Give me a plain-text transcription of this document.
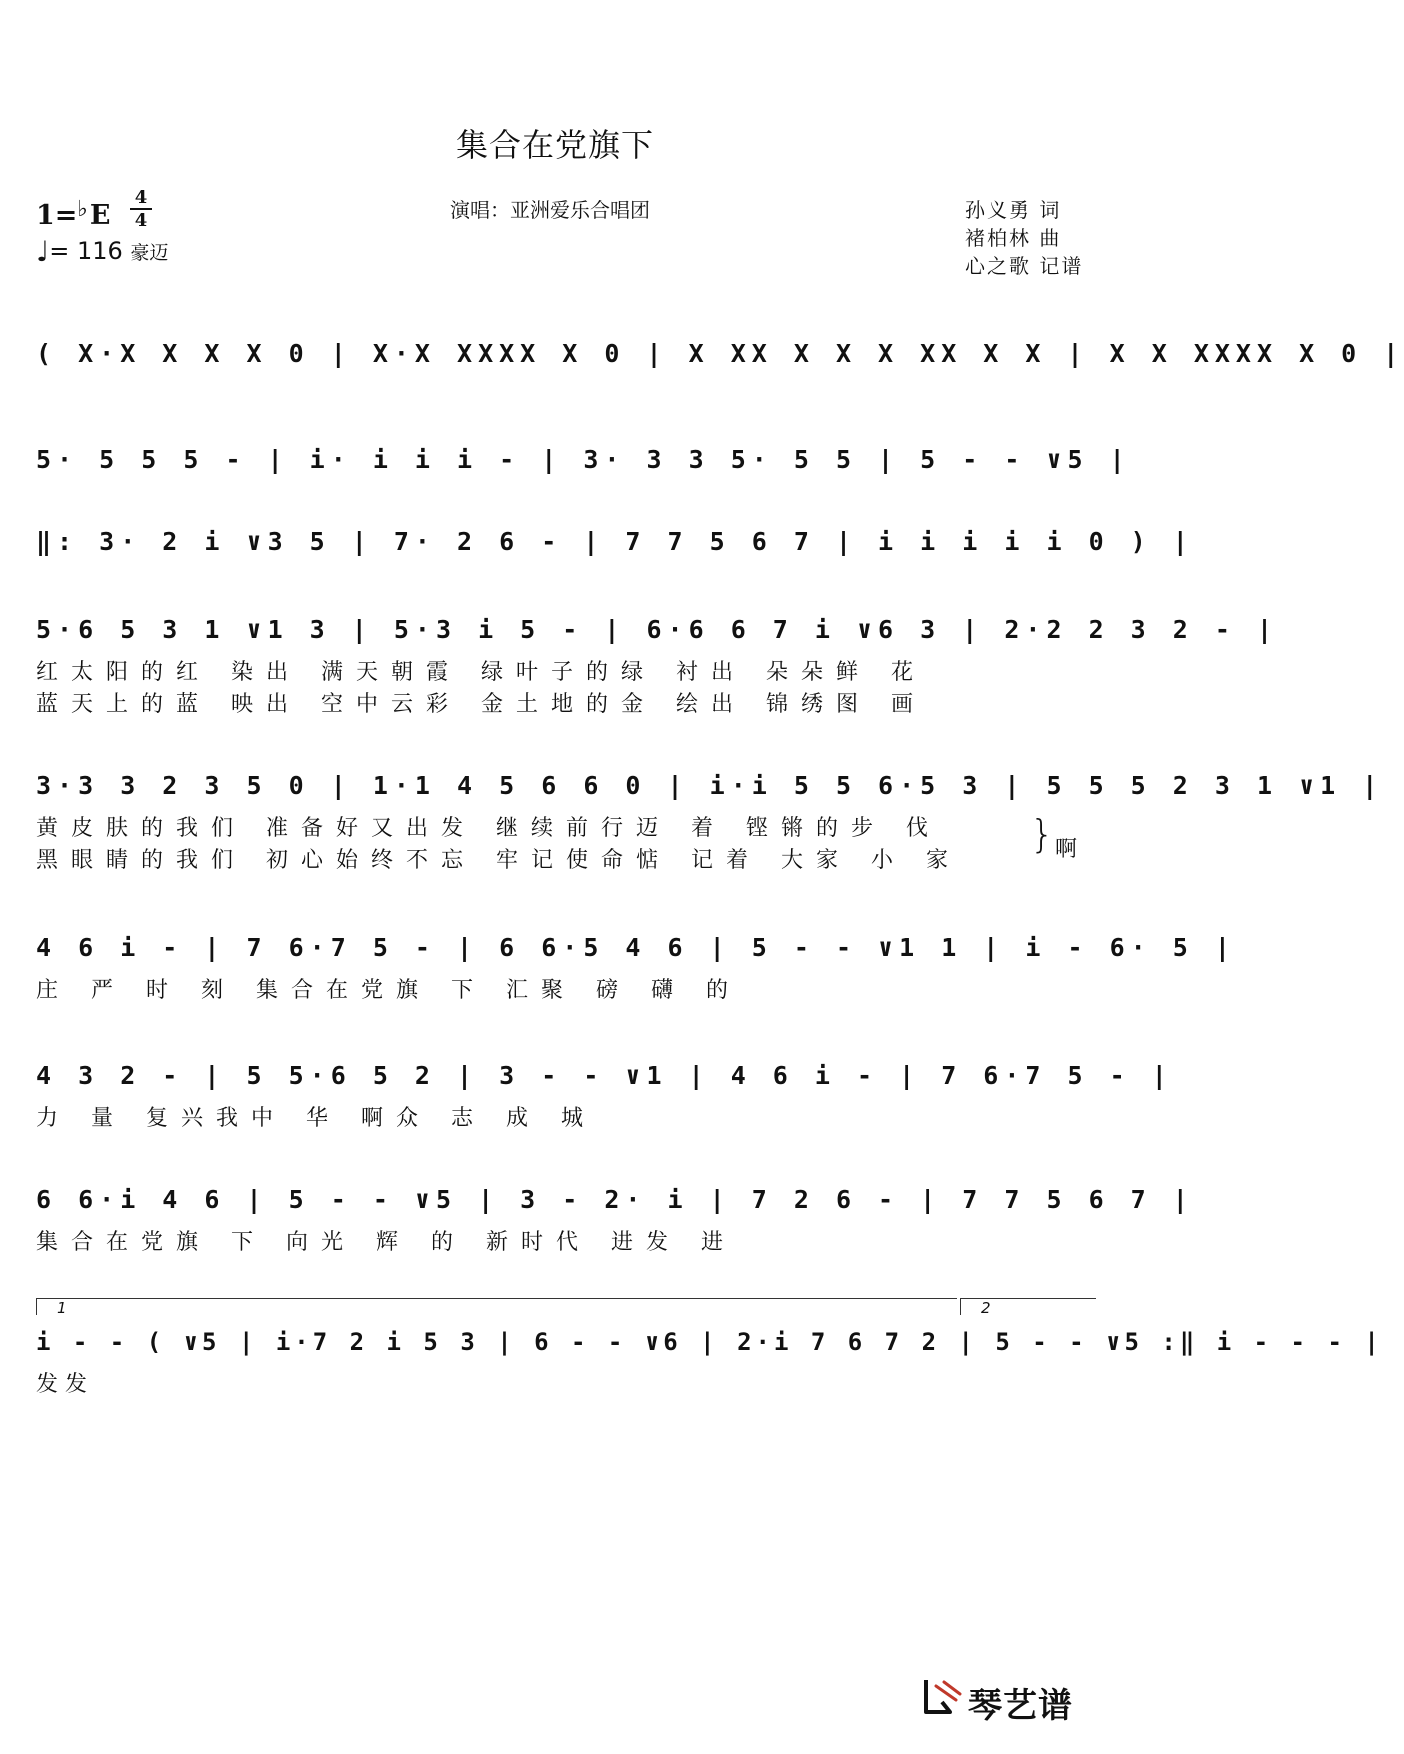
集合在党旗下
1=♭E
4
4
♩= 116 豪迈
演唱：亚洲爱乐合唱团	孙义勇 词
褚柏林 曲
心之歌 记谱
( X·X X X X 0 | X·X XXXX X 0 | X XX X X X XX X X | X X XXXX X 0 |
5· 5 5 5 - | i· i i i - | 3· 3 3 5· 5 5 | 5 - - ∨5 |
‖: 3· 2 i ∨3 5 | 7· 2 6 - | 7 7 5 6 7 | i i i i i 0 ) |
5·6 5 3 1 ∨1 3 | 5·3 i 5 - | 6·6 6 7 i ∨6 3 | 2·2 2 3 2 - |
红太阳的红 染出 满天朝霞 绿叶子的绿 衬出 朵朵鲜 花
蓝天上的蓝 映出 空中云彩 金土地的金 绘出 锦绣图 画
3·3 3 2 3 5 0 | 1·1 4 5 6 6 0 | i·i 5 5 6·5 3 | 5 5 5 2 3 1 ∨1 |
黄皮肤的我们 准备好又出发 继续前行迈 着 铿锵的步 伐
黑眼睛的我们 初心始终不忘 牢记使命惦 记着 大家 小 家
} 啊
4 6 i - | 7 6·7 5 - | 6 6·5 4 6 | 5 - - ∨1 1 | i - 6· 5 |
庄 严 时 刻 集合在党旗 下 汇聚 磅 礴 的
4 3 2 - | 5 5·6 5 2 | 3 - - ∨1 | 4 6 i - | 7 6·7 5 - |
力 量 复兴我中 华 啊众 志 成 城
6 6·i 4 6 | 5 - - ∨5 | 3 - 2· i | 7 2 6 - | 7 7 5 6 7 |
集合在党旗 下 向光 辉 的 新时代 进发 进
1	2
i - - ( ∨5 | i·7 2 i 5 3 | 6 - - ∨6 | 2·i 7 6 7 2 | 5 - - ∨5 :‖ i - - - |
发 发
琴艺谱
